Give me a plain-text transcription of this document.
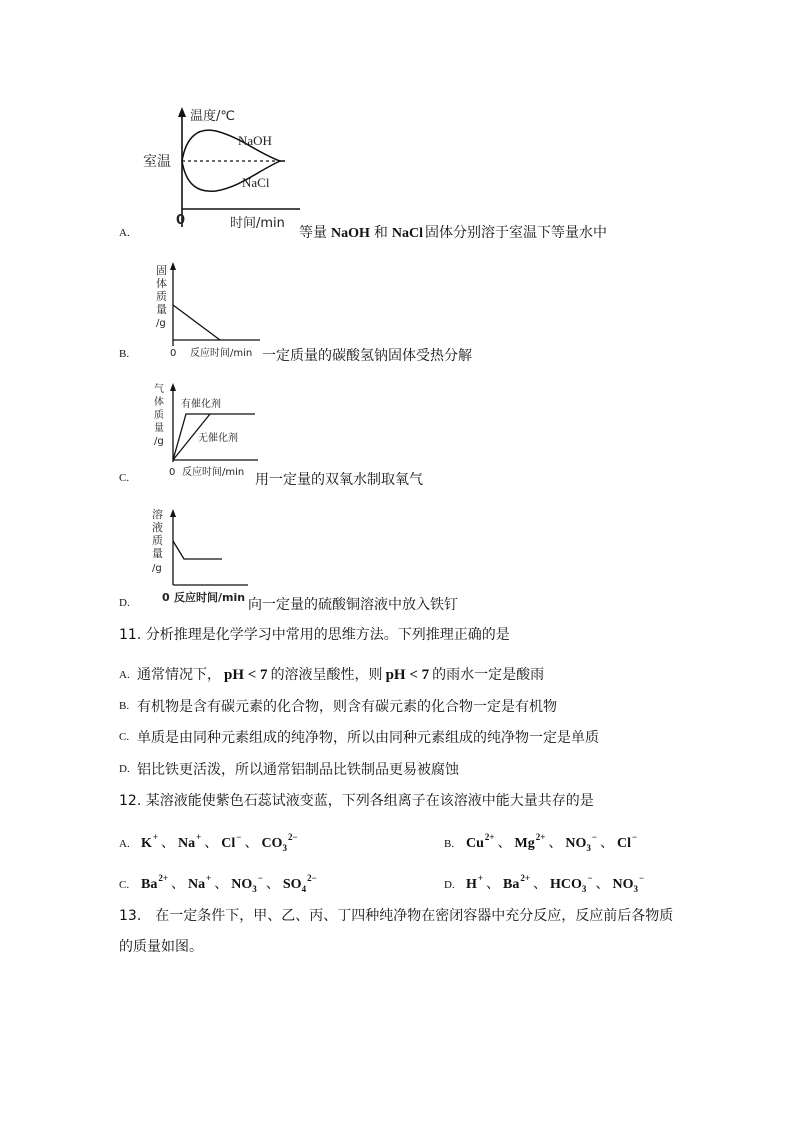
温度/℃
室温
NaOH
NaCl
0	时间/min
A.	等量 NaOH 和 NaCl 固体分别溶于室温下等量水中
固
体
质
量
/g
0 反应时间/min
B.	一定质量的碳酸氢钠固体受热分解
气
体
质
量
/g
有催化剂
无催化剂
0 反应时间/min
C.	用一定量的双氧水制取氧气
溶
液
质
量
/g
0 反应时间/min
D.	向一定量的硫酸铜溶液中放入铁钉
11. 分析推理是化学学习中常用的思维方法。下列推理正确的是
A. 通常情况下， pH < 7 的溶液呈酸性，则 pH < 7 的雨水一定是酸雨
B. 有机物是含有碳元素的化合物，则含有碳元素的化合物一定是有机物
C. 单质是由同种元素组成的纯净物，所以由同种元素组成的纯净物一定是单质
D. 铝比铁更活泼，所以通常铝制品比铁制品更易被腐蚀
12. 某溶液能使紫色石蕊试液变蓝，下列各组离子在该溶液中能大量共存的是
A. K+ 、 Na+ 、 Cl− 、 $CO_3^{2-}$
B. $Cu^{2+}$ 、 $Mg^{2+}$ 、 $NO_3^-$ 、 Cl−
C. $Ba^{2+}$ 、 Na+ 、 $NO_3^-$ 、 $SO_4^{2-}$
D. H+ 、 $Ba^{2+}$ 、 $HCO_3^-$ 、 $NO_3^-$
13.　在一定条件下，甲、乙、丙、丁四种纯净物在密闭容器中充分反应，反应前后各物质
的质量如图。
